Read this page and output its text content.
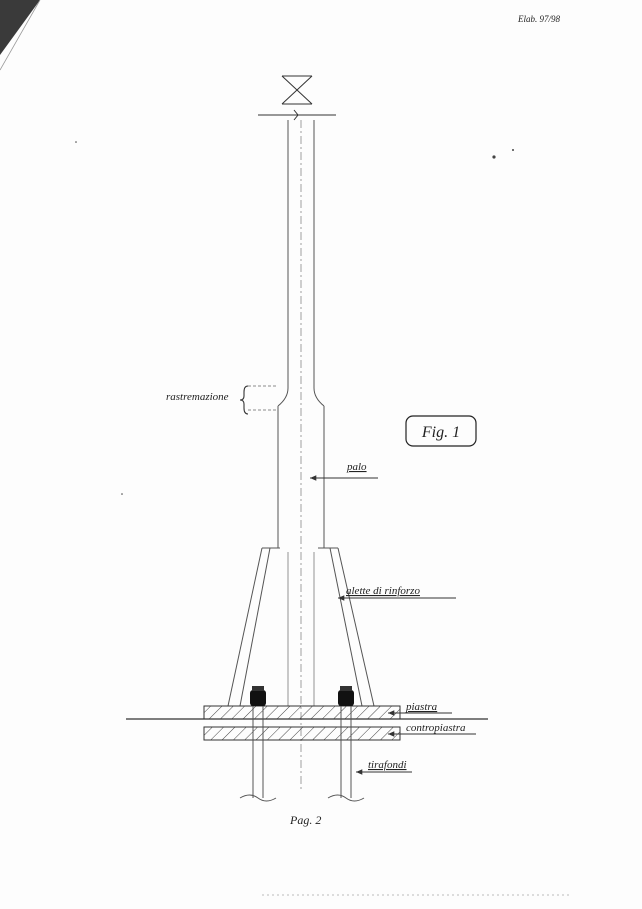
Elab. 97/98
rastremazione
Fig. 1
palo
alette di rinforzo
piastra
contropiastra
tirafondi
Pag. 2
